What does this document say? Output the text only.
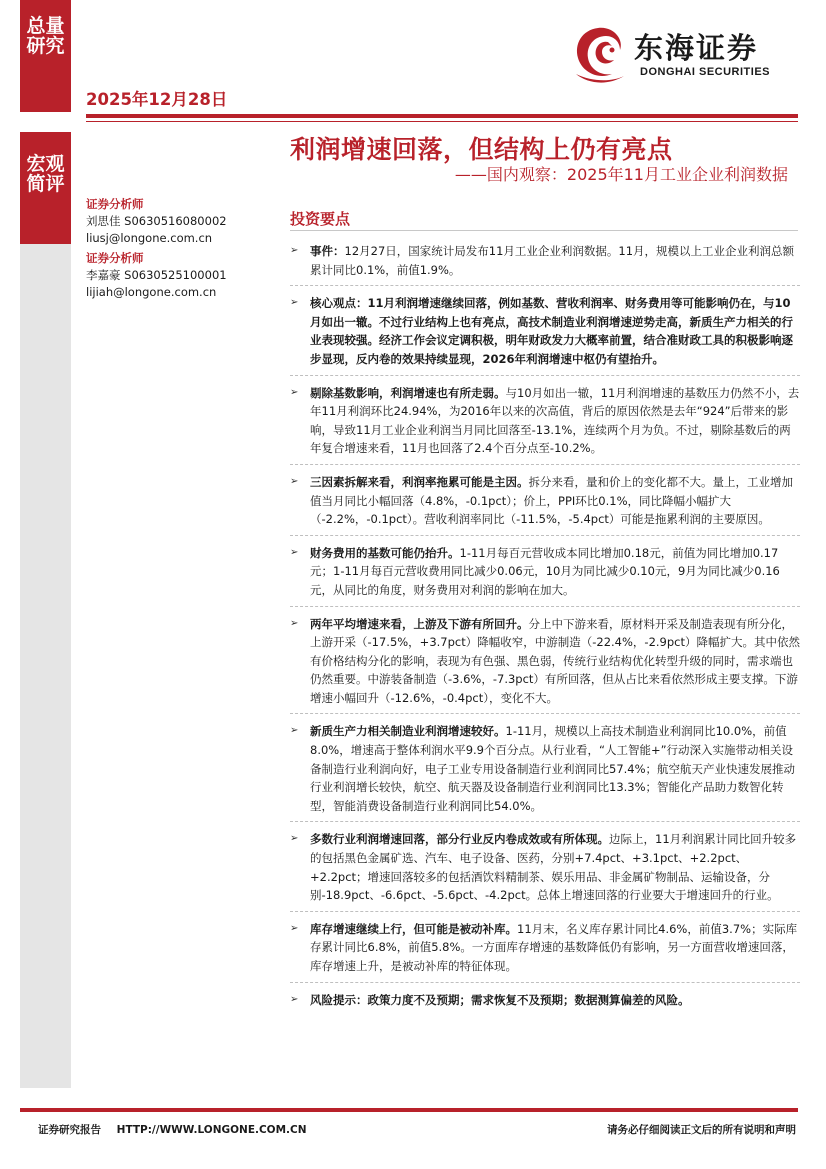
总量
研究
2025年12月28日
东海证券
DONGHAI SECURITIES
宏观
简评
利润增速回落，但结构上仍有亮点
——国内观察：2025年11月工业企业利润数据
证券分析师
刘思佳 S0630516080002
liusj@longone.com.cn
证券分析师
李嘉豪 S0630525100001
lijiah@longone.com.cn
投资要点
➢ 事件：12月27日，国家统计局发布11月工业企业利润数据。11月，规模以上工业企业利润总额累计同比0.1%，前值1.9%。
➢ 核心观点：11月利润增速继续回落，例如基数、营收利润率、财务费用等可能影响仍在，与10月如出一辙。不过行业结构上也有亮点，高技术制造业利润增速逆势走高，新质生产力相关的行业表现较强。经济工作会议定调积极，明年财政发力大概率前置，结合准财政工具的积极影响逐步显现，反内卷的效果持续显现，2026年利润增速中枢仍有望抬升。
➢ 剔除基数影响，利润增速也有所走弱。与10月如出一辙，11月利润增速的基数压力仍然不小，去年11月利润环比24.94%，为2016年以来的次高值，背后的原因依然是去年“924”后带来的影响，导致11月工业企业利润当月同比回落至-13.1%，连续两个月为负。不过，剔除基数后的两年复合增速来看，11月也回落了2.4个百分点至-10.2%。
➢ 三因素拆解来看，利润率拖累可能是主因。拆分来看，量和价上的变化都不大。量上，工业增加值当月同比小幅回落（4.8%，-0.1pct）；价上，PPI环比0.1%，同比降幅小幅扩大（-2.2%，-0.1pct）。营收利润率同比（-11.5%，-5.4pct）可能是拖累利润的主要原因。
➢ 财务费用的基数可能仍抬升。1-11月每百元营收成本同比增加0.18元，前值为同比增加0.17元；1-11月每百元营收费用同比减少0.06元，10月为同比减少0.10元，9月为同比减少0.16元，从同比的角度，财务费用对利润的影响在加大。
➢ 两年平均增速来看，上游及下游有所回升。分上中下游来看，原材料开采及制造表现有所分化，上游开采（-17.5%，+3.7pct）降幅收窄，中游制造（-22.4%，-2.9pct）降幅扩大。其中依然有价格结构分化的影响，表现为有色强、黑色弱，传统行业结构优化转型升级的同时，需求端也仍然重要。中游装备制造（-3.6%，-7.3pct）有所回落，但从占比来看依然形成主要支撑。下游增速小幅回升（-12.6%，-0.4pct），变化不大。
➢ 新质生产力相关制造业利润增速较好。1-11月，规模以上高技术制造业利润同比10.0%，前值8.0%，增速高于整体利润水平9.9个百分点。从行业看，“人工智能+”行动深入实施带动相关设备制造行业利润向好，电子工业专用设备制造行业利润同比57.4%；航空航天产业快速发展推动行业利润增长较快，航空、航天器及设备制造行业利润同比13.3%；智能化产品助力数智化转型，智能消费设备制造行业利润同比54.0%。
➢ 多数行业利润增速回落，部分行业反内卷成效或有所体现。边际上，11月利润累计同比回升较多的包括黑色金属矿选、汽车、电子设备、医药，分别+7.4pct、+3.1pct、+2.2pct、+2.2pct；增速回落较多的包括酒饮料精制茶、娱乐用品、非金属矿物制品、运输设备，分别-18.9pct、-6.6pct、-5.6pct、-4.2pct。总体上增速回落的行业要大于增速回升的行业。
➢ 库存增速继续上行，但可能是被动补库。11月末，名义库存累计同比4.6%，前值3.7%；实际库存累计同比6.8%，前值5.8%。一方面库存增速的基数降低仍有影响，另一方面营收增速回落，库存增速上升，是被动补库的特征体现。
➢ 风险提示：政策力度不及预期；需求恢复不及预期；数据测算偏差的风险。
证券研究报告 HTTP://WWW.LONGONE.COM.CN	请务必仔细阅读正文后的所有说明和声明
